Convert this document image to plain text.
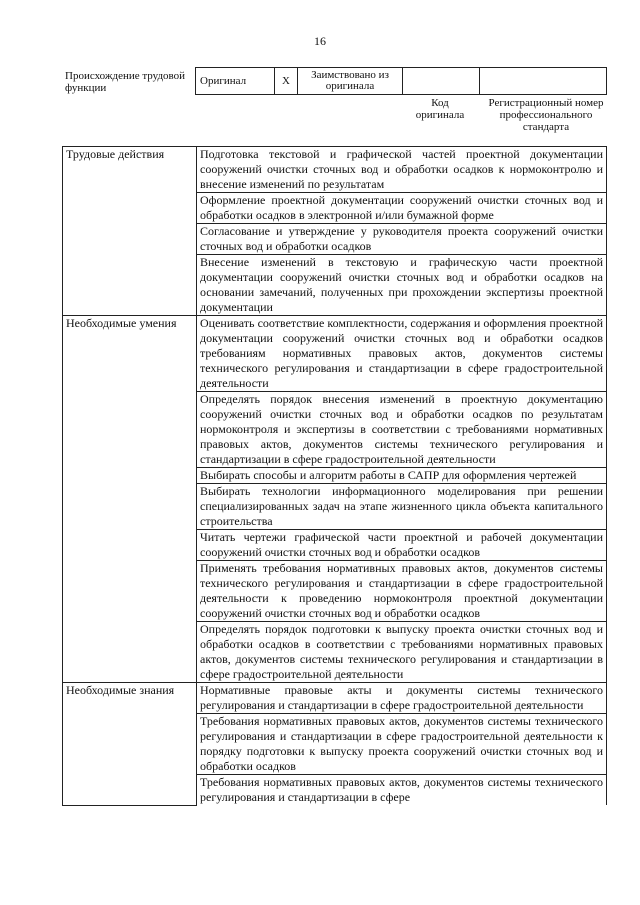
16
Происхождение трудовой функции
Оригинал	X	Заимствовано из оригинала		
Код оригинала
Регистрационный номер профессионального стандарта
Трудовые действия	Подготовка текстовой и графической частей проектной документации сооружений очистки сточных вод и обработки осадков к нормоконтролю и внесение изменений по результатам
	Оформление проектной документации сооружений очистки сточных вод и обработки осадков в электронной и/или бумажной форме
	Согласование и утверждение у руководителя проекта сооружений очистки сточных вод и обработки осадков
	Внесение изменений в текстовую и графическую части проектной документации сооружений очистки сточных вод и обработки осадков на основании замечаний, полученных при прохождении экспертизы проектной документации
Необходимые умения	Оценивать соответствие комплектности, содержания и оформления проектной документации сооружений очистки сточных вод и обработки осадков требованиям нормативных правовых актов, документов системы технического регулирования и стандартизации в сфере градостроительной деятельности
	Определять порядок внесения изменений в проектную документацию сооружений очистки сточных вод и обработки осадков по результатам нормоконтроля и экспертизы в соответствии с требованиями нормативных правовых актов, документов системы технического регулирования и стандартизации в сфере градостроительной деятельности
	Выбирать способы и алгоритм работы в САПР для оформления чертежей
	Выбирать технологии информационного моделирования при решении специализированных задач на этапе жизненного цикла объекта капитального строительства
	Читать чертежи графической части проектной и рабочей документации сооружений очистки сточных вод и обработки осадков
	Применять требования нормативных правовых актов, документов системы технического регулирования и стандартизации в сфере градостроительной деятельности к проведению нормоконтроля проектной документации сооружений очистки сточных вод и обработки осадков
	Определять порядок подготовки к выпуску проекта очистки сточных вод и обработки осадков в соответствии с требованиями нормативных правовых актов, документов системы технического регулирования и стандартизации в сфере градостроительной деятельности
Необходимые знания	Нормативные правовые акты и документы системы технического регулирования и стандартизации в сфере градостроительной деятельности
	Требования нормативных правовых актов, документов системы технического регулирования и стандартизации в сфере градостроительной деятельности к порядку подготовки к выпуску проекта сооружений очистки сточных вод и обработки осадков
	Требования нормативных правовых актов, документов системы технического регулирования и стандартизации в сфере
